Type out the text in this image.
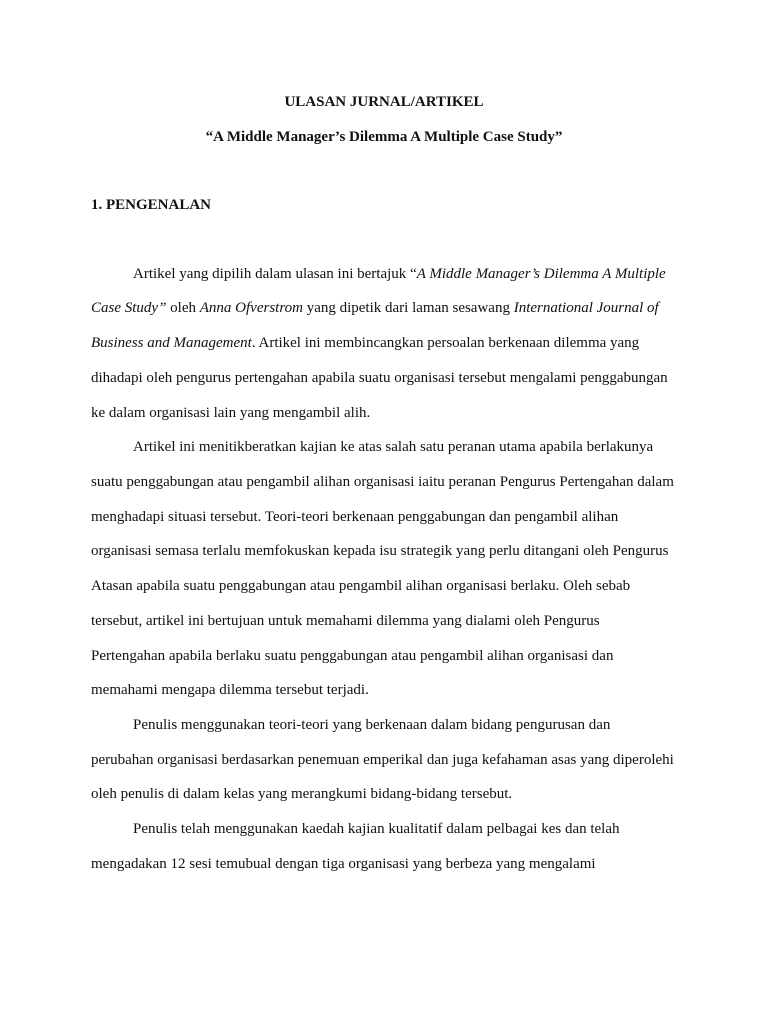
ULASAN JURNAL/ARTIKEL

“A Middle Manager’s Dilemma A Multiple Case Study”

1. PENGENALAN

Artikel yang dipilih dalam ulasan ini bertajuk “A Middle Manager’s Dilemma A Multiple

Case Study” oleh Anna Ofverstrom yang dipetik dari laman sesawang International Journal of

Business and Management. Artikel ini membincangkan persoalan berkenaan dilemma yang

dihadapi oleh pengurus pertengahan apabila suatu organisasi tersebut mengalami penggabungan

ke dalam organisasi lain yang mengambil alih.

Artikel ini menitikberatkan kajian ke atas salah satu peranan utama apabila berlakunya

suatu penggabungan atau pengambil alihan organisasi iaitu peranan Pengurus Pertengahan dalam

menghadapi situasi tersebut. Teori-teori berkenaan penggabungan dan pengambil alihan

organisasi semasa terlalu memfokuskan kepada isu strategik yang perlu ditangani oleh Pengurus

Atasan apabila suatu penggabungan atau pengambil alihan organisasi berlaku. Oleh sebab

tersebut, artikel ini bertujuan untuk memahami dilemma yang dialami oleh Pengurus

Pertengahan apabila berlaku suatu penggabungan atau pengambil alihan organisasi dan

memahami mengapa dilemma tersebut terjadi.

Penulis menggunakan teori-teori yang berkenaan dalam bidang pengurusan dan

perubahan organisasi berdasarkan penemuan emperikal dan juga kefahaman asas yang diperolehi

oleh penulis di dalam kelas yang merangkumi bidang-bidang tersebut.

Penulis telah menggunakan kaedah kajian kualitatif dalam pelbagai kes dan telah

mengadakan 12 sesi temubual dengan tiga organisasi yang berbeza yang mengalami
